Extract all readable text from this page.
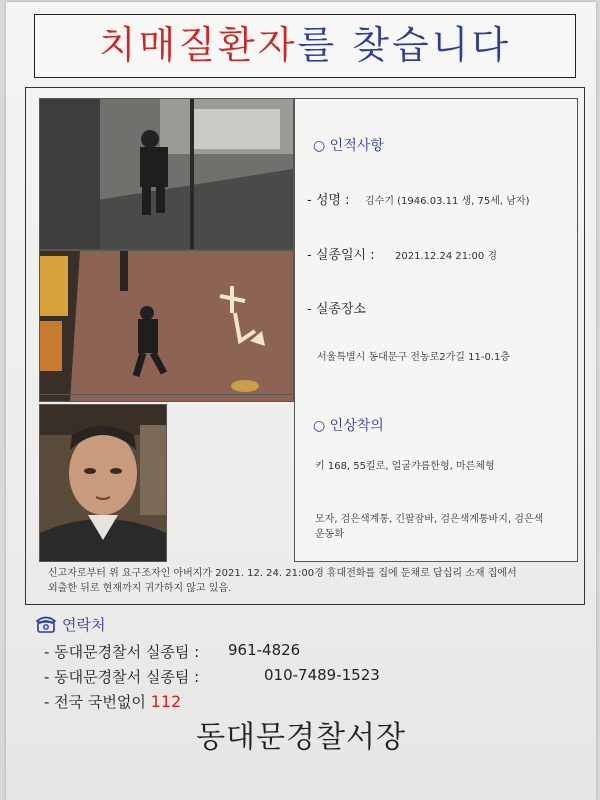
치매질환자를 찾습니다
○ 인적사항
- 성명 : 김수기 (1946.03.11 생, 75세, 남자)
- 실종일시 : 2021.12.24 21:00 경
- 실종장소
서울특별시 동대문구 전농로2가길 11-0.1층
○ 인상착의
키 168, 55킬로, 얼굴갸름한형, 마른체형
모자, 검은색계통, 긴팔잠바, 검은색계통바지, 검은색
운동화
신고자로부터 위 요구조자인 아버지가 2021. 12. 24. 21:00경 휴대전화를 집에 둔채로 답십리 소재 집에서
외출한 뒤로 현재까지 귀가하지 않고 있음.
연락처
- 동대문경찰서 실종팀 : 961-4826
- 동대문경찰서 실종팀 :	010-7489-1523
- 전국 국번없이 112
동대문경찰서장
